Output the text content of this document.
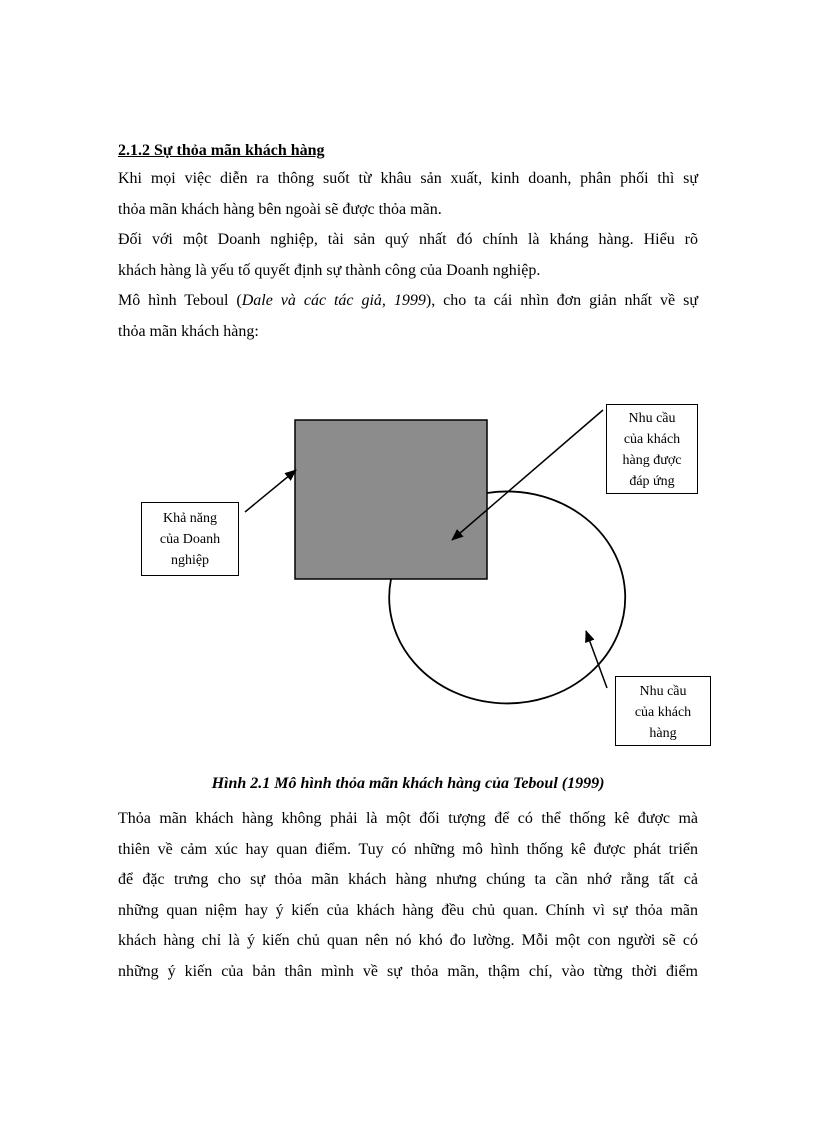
2.1.2 Sự thỏa mãn khách hàng
Khi mọi việc diễn ra thông suốt từ khâu sản xuất, kinh doanh, phân phối thì sự
thỏa mãn khách hàng bên ngoài sẽ được thỏa mãn.
Đối với một Doanh nghiệp, tài sản quý nhất đó chính là kháng hàng. Hiểu rõ
khách hàng là yếu tố quyết định sự thành công của Doanh nghiệp.
Mô hình Teboul (Dale và các tác giả, 1999), cho ta cái nhìn đơn giản nhất về sự
thỏa mãn khách hàng:
Khả năng
của Doanh
nghiệp
Nhu cầu
của khách
hàng được
đáp ứng
Nhu cầu
của khách
hàng
Hình 2.1 Mô hình thỏa mãn khách hàng của Teboul (1999)
Thỏa mãn khách hàng không phải là một đối tượng để có thể thống kê được mà
thiên về cảm xúc hay quan điểm. Tuy có những mô hình thống kê được phát triển
để đặc trưng cho sự thỏa mãn khách hàng nhưng chúng ta cần nhớ rằng tất cả
những quan niệm hay ý kiến của khách hàng đều chủ quan. Chính vì sự thỏa mãn
khách hàng chỉ là ý kiến chủ quan nên nó khó đo lường. Mỗi một con người sẽ có
những ý kiến của bản thân mình về sự thỏa mãn, thậm chí, vào từng thời điểm
